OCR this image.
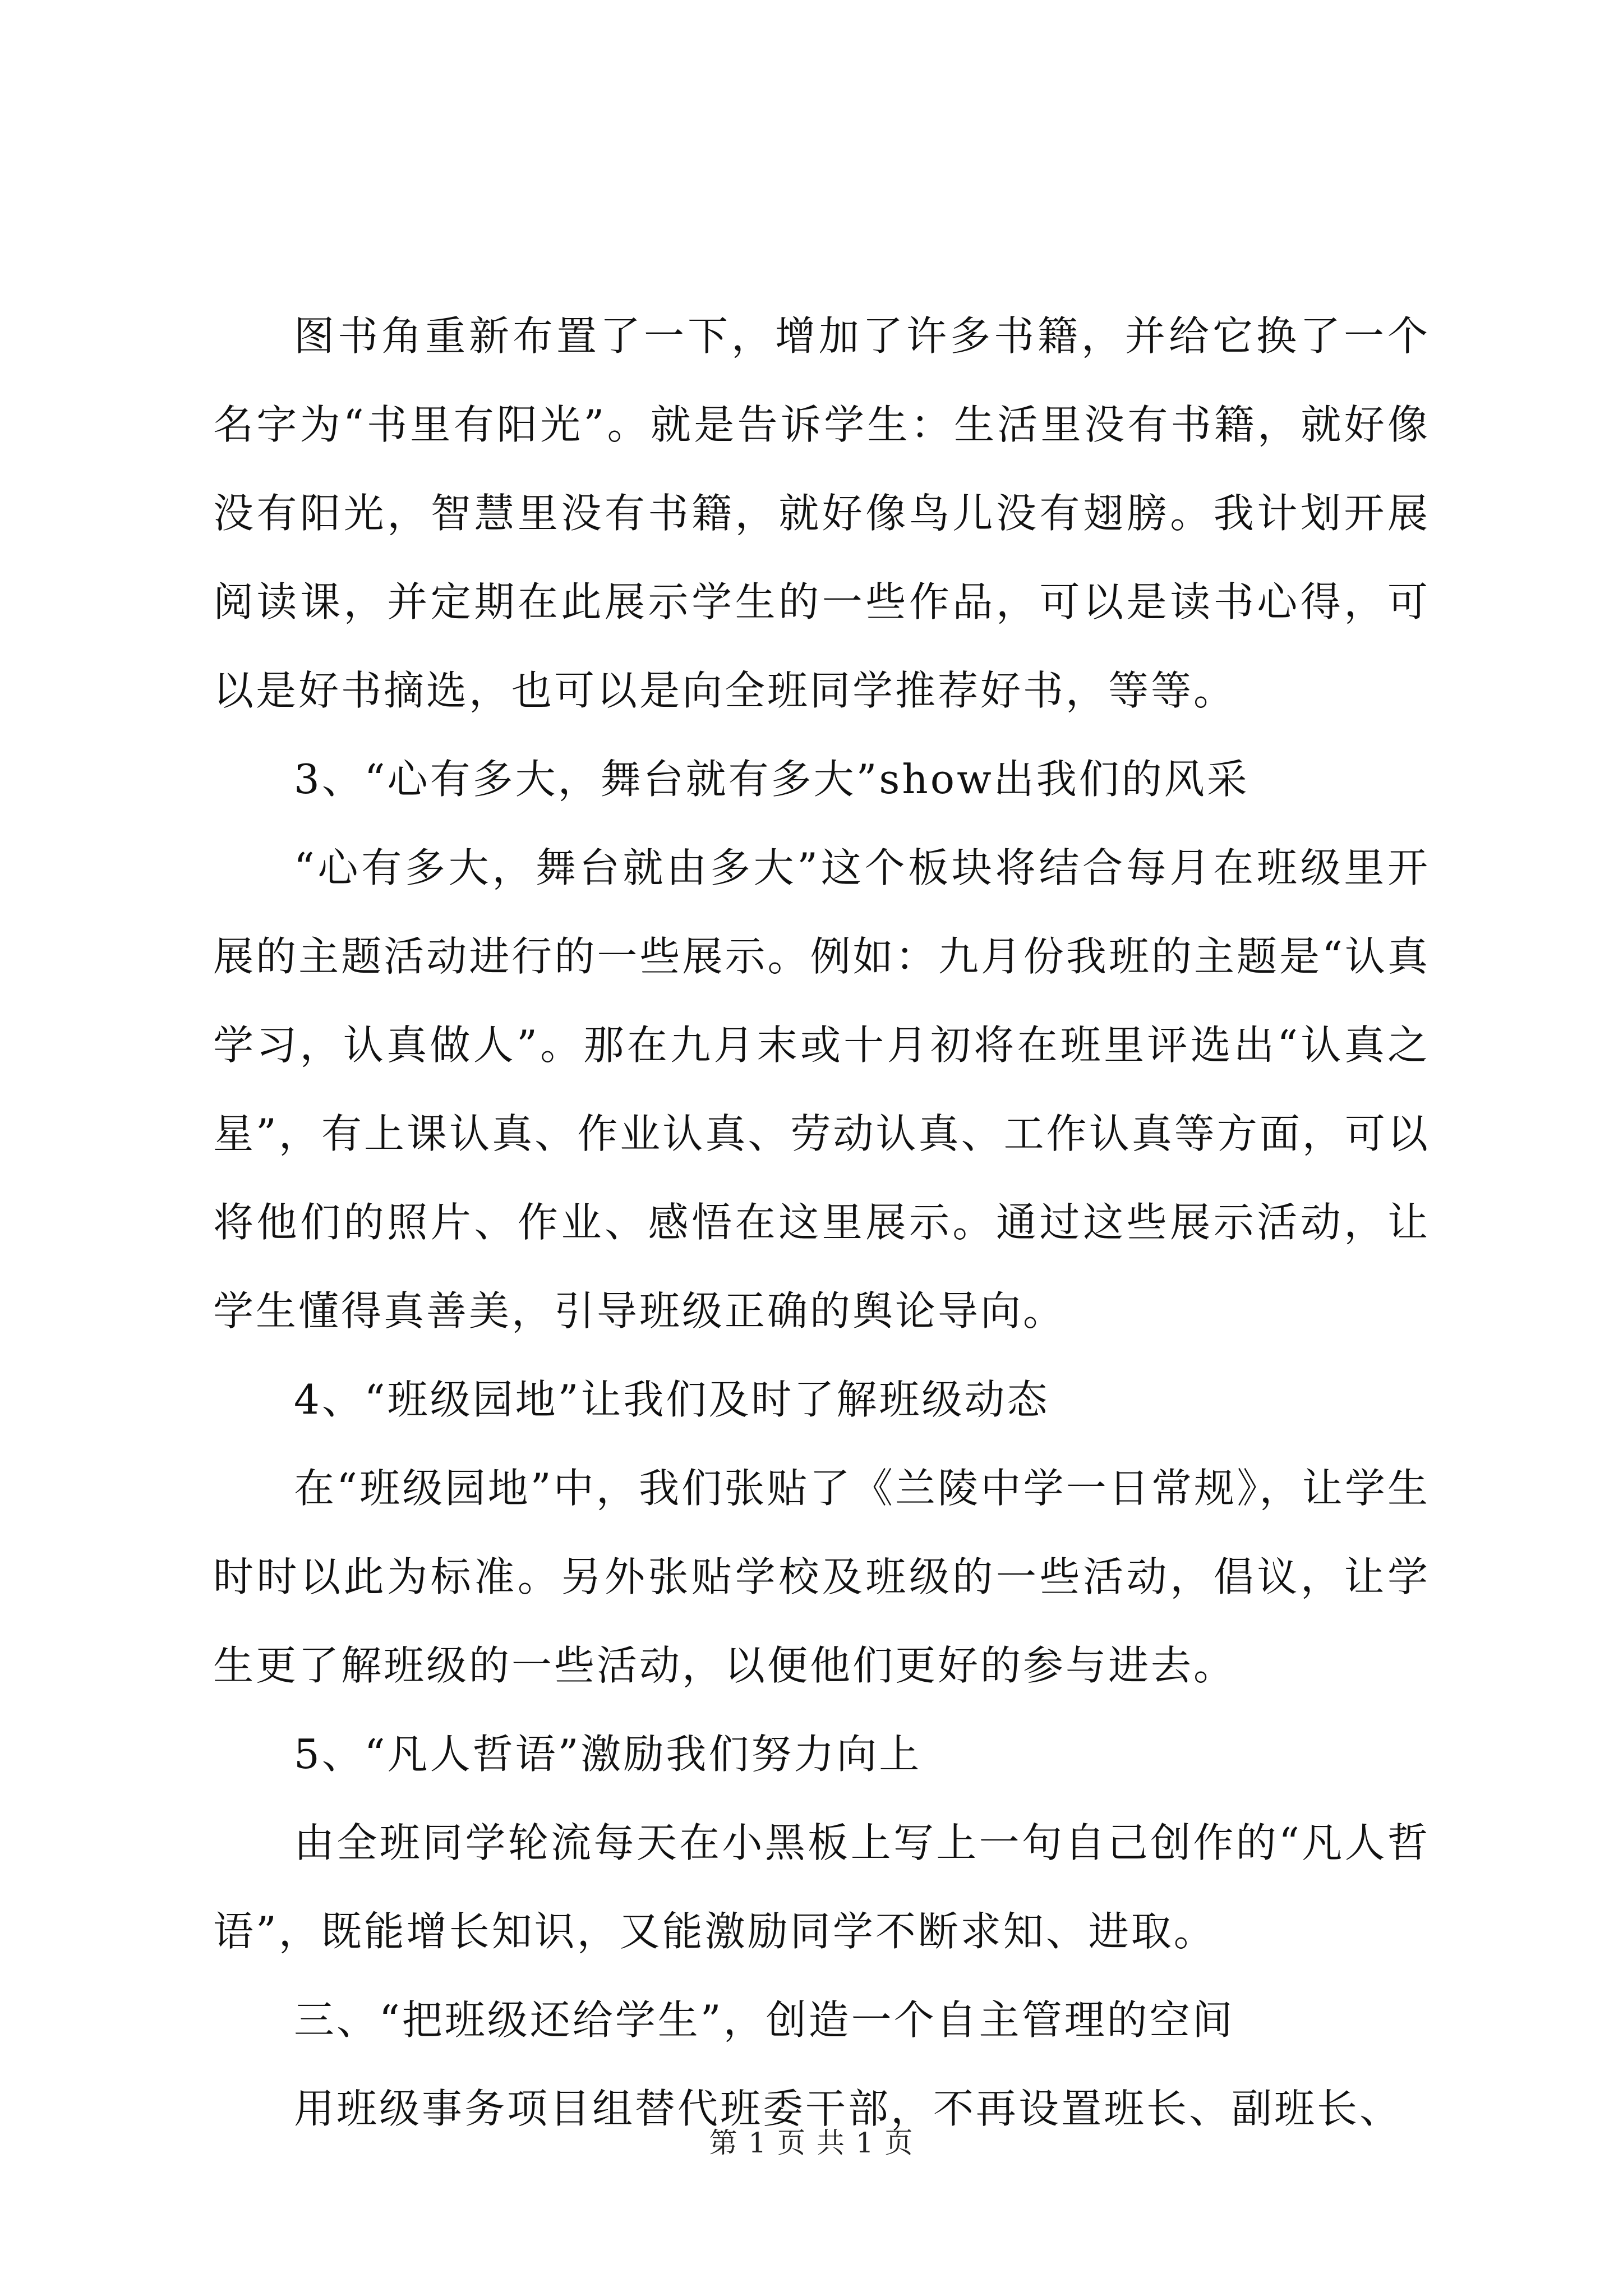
图书角重新布置了一下，增加了许多书籍，并给它换了一个名字为“书里有阳光”。就是告诉学生：生活里没有书籍，就好像没有阳光，智慧里没有书籍，就好像鸟儿没有翅膀。我计划开展阅读课，并定期在此展示学生的一些作品，可以是读书心得，可以是好书摘选，也可以是向全班同学推荐好书，等等。

3、“心有多大，舞台就有多大”show出我们的风采

“心有多大，舞台就由多大”这个板块将结合每月在班级里开展的主题活动进行的一些展示。例如：九月份我班的主题是“认真学习，认真做人”。那在九月末或十月初将在班里评选出“认真之星”，有上课认真、作业认真、劳动认真、工作认真等方面，可以将他们的照片、作业、感悟在这里展示。通过这些展示活动，让学生懂得真善美，引导班级正确的舆论导向。

4、“班级园地”让我们及时了解班级动态

在“班级园地”中，我们张贴了《兰陵中学一日常规》，让学生时时以此为标准。另外张贴学校及班级的一些活动，倡议，让学生更了解班级的一些活动，以便他们更好的参与进去。

5、“凡人哲语”激励我们努力向上

由全班同学轮流每天在小黑板上写上一句自己创作的“凡人哲语”，既能增长知识，又能激励同学不断求知、进取。

三、“把班级还给学生”，创造一个自主管理的空间

用班级事务项目组替代班委干部，不再设置班长、副班长、

第 1 页 共 1 页
